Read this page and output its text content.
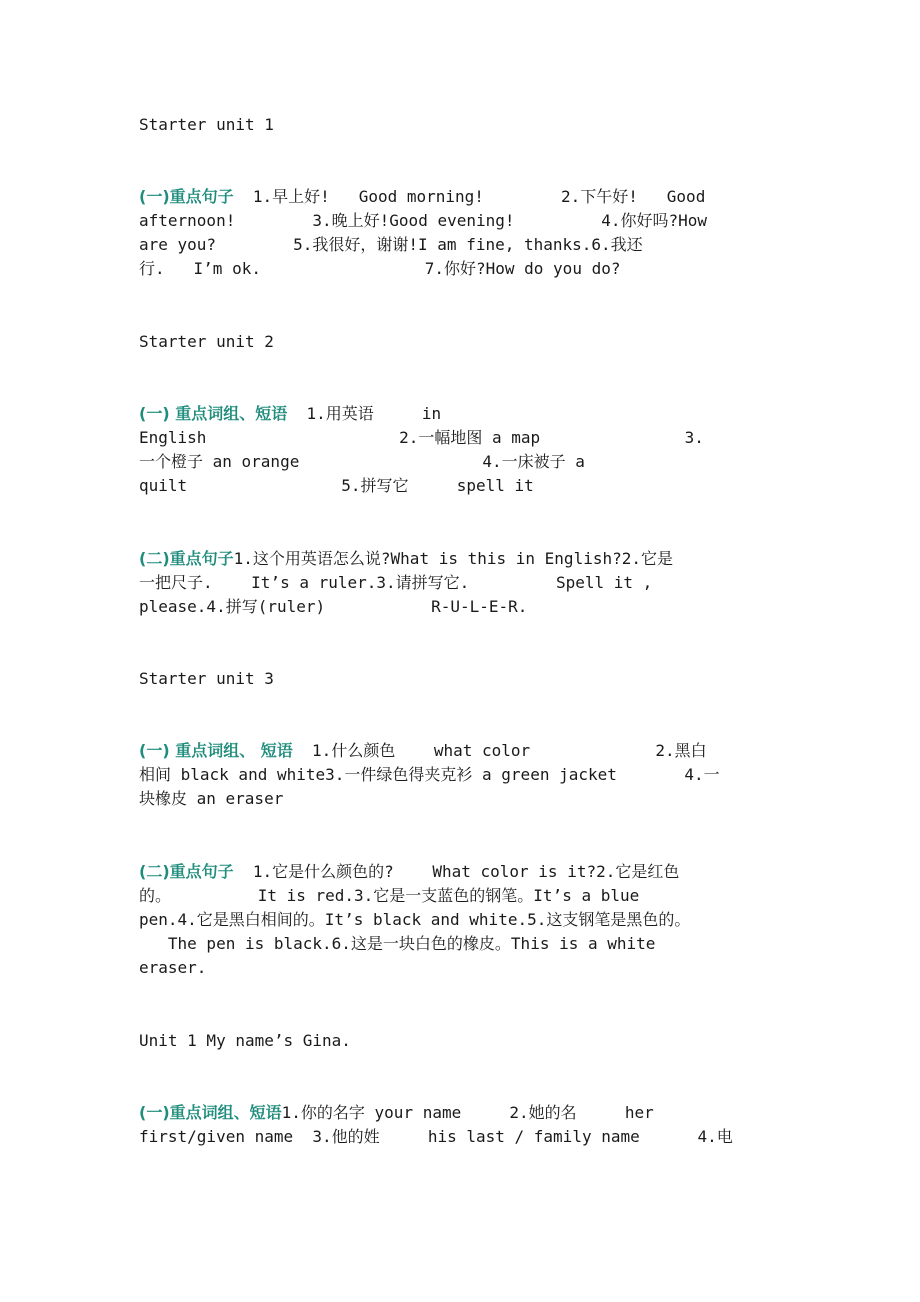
Starter unit 1
(一)重点句子  1.早上好!   Good morning!        2.下午好!   Good
afternoon!        3.晚上好!Good evening!         4.你好吗?How
are you?        5.我很好，谢谢!I am fine, thanks.6.我还
行.   I’m ok.                 7.你好?How do you do?
Starter unit 2
(一) 重点词组、短语  1.用英语     in
English                    2.一幅地图 a map               3.
一个橙子 an orange                   4.一床被子 a
quilt                5.拼写它     spell it
(二)重点句子1.这个用英语怎么说?What is this in English?2.它是
一把尺子.    It’s a ruler.3.请拼写它.         Spell it ,
please.4.拼写(ruler)           R-U-L-E-R.
Starter unit 3
(一) 重点词组、 短语  1.什么颜色    what color             2.黑白
相间 black and white3.一件绿色得夹克衫 a green jacket       4.一
块橡皮 an eraser
(二)重点句子  1.它是什么颜色的?    What color is it?2.它是红色
的。         It is red.3.它是一支蓝色的钢笔。It’s a blue
pen.4.它是黑白相间的。It’s black and white.5.这支钢笔是黑色的。
The pen is black.6.这是一块白色的橡皮。This is a white
eraser.
Unit 1 My name’s Gina.
(一)重点词组、短语1.你的名字 your name     2.她的名     her
first/given name  3.他的姓     his last / family name      4.电
